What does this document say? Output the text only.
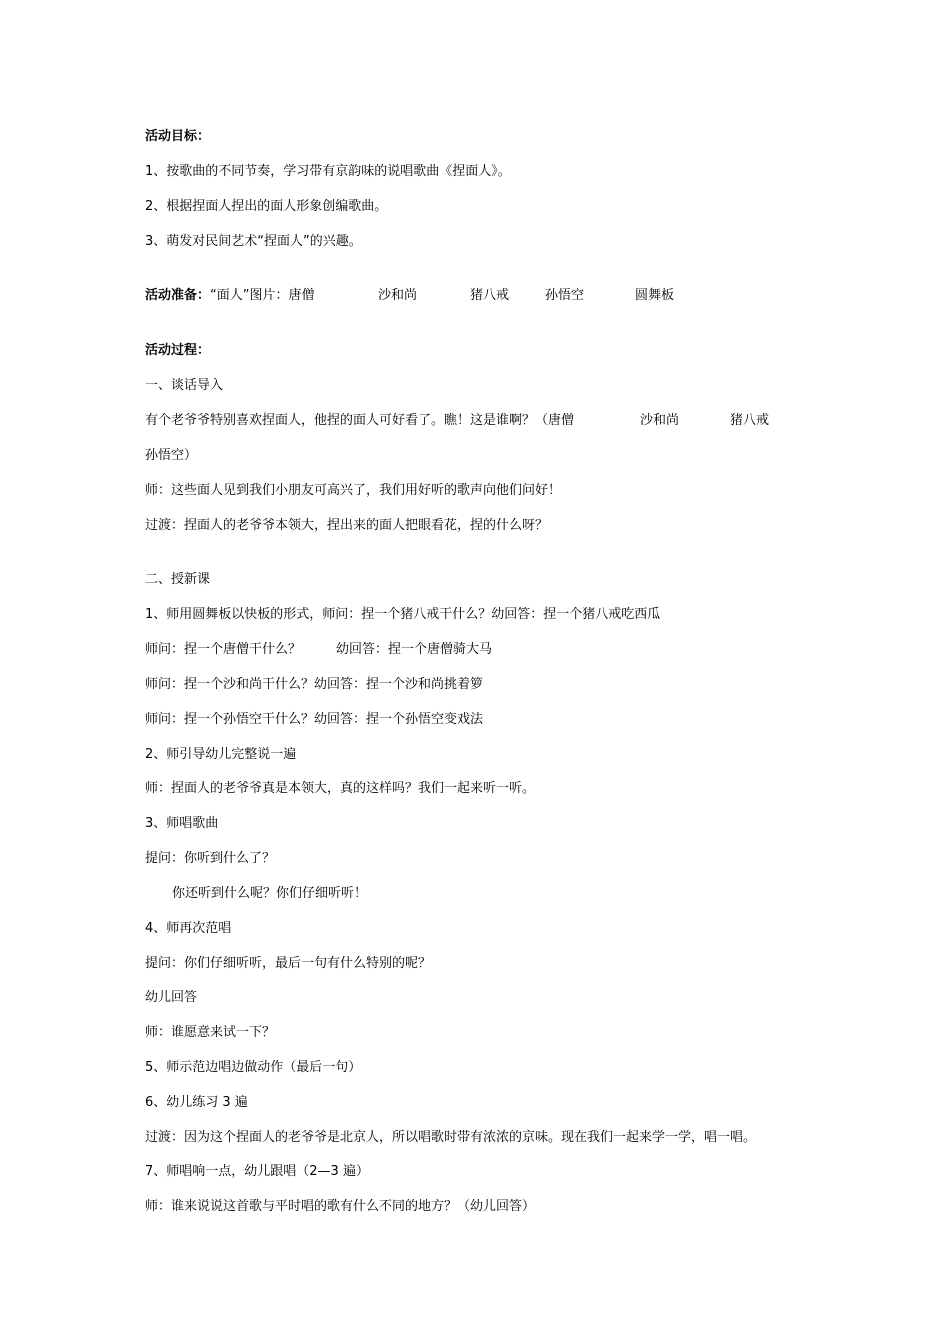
活动目标：
1、按歌曲的不同节奏，学习带有京韵味的说唱歌曲《捏面人》。
2、根据捏面人捏出的面人形象创编歌曲。
3、萌发对民间艺术“捏面人”的兴趣。
活动准备：“面人”图片：唐僧	沙和尚	猪八戒	孙悟空	圆舞板
活动过程：
一、谈话导入
有个老爷爷特别喜欢捏面人，他捏的面人可好看了。瞧！这是谁啊？（唐僧	沙和尚	猪八戒
孙悟空）
师：这些面人见到我们小朋友可高兴了，我们用好听的歌声向他们问好！
过渡：捏面人的老爷爷本领大，捏出来的面人把眼看花，捏的什么呀？
二、授新课
1、师用圆舞板以快板的形式，师问：捏一个猪八戒干什么？幼回答：捏一个猪八戒吃西瓜
师问：捏一个唐僧干什么？	幼回答：捏一个唐僧骑大马
师问：捏一个沙和尚干什么？幼回答：捏一个沙和尚挑着箩
师问：捏一个孙悟空干什么？幼回答：捏一个孙悟空变戏法
2、师引导幼儿完整说一遍
师：捏面人的老爷爷真是本领大，真的这样吗？我们一起来听一听。
3、师唱歌曲
提问：你听到什么了？
你还听到什么呢？你们仔细听听！
4、师再次范唱
提问：你们仔细听听，最后一句有什么特别的呢？
幼儿回答
师：谁愿意来试一下？
5、师示范边唱边做动作（最后一句）
6、幼儿练习 3 遍
过渡：因为这个捏面人的老爷爷是北京人，所以唱歌时带有浓浓的京味。现在我们一起来学一学，唱一唱。
7、师唱响一点，幼儿跟唱（2—3 遍）
师：谁来说说这首歌与平时唱的歌有什么不同的地方？（幼儿回答）
